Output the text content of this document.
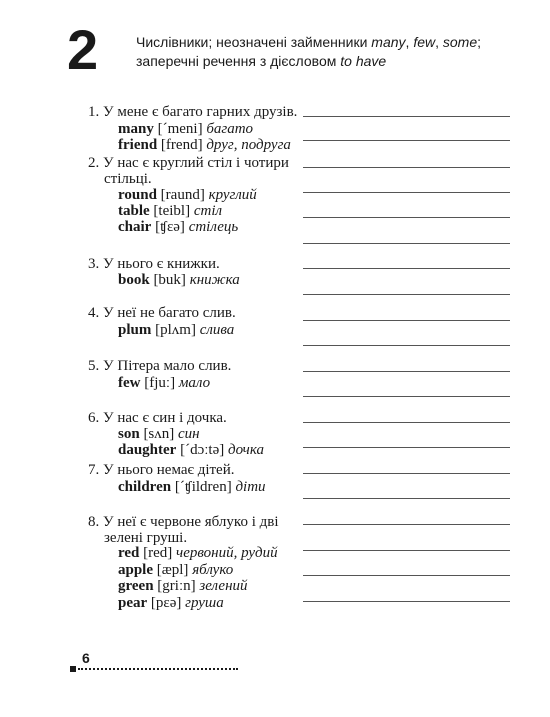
2	Числівники; неозначені займенники many, few, some;
заперечні речення з дієсловом to have
1. У мене є багато гарних друзів.
many [ˊmeni] багато
friend [frend] друг, подруга
2. У нас є круглий стіл і чотири
стільці.
round [raund] круглий
table [teibl] стіл
chair [ʧɛə] стілець
3. У нього є книжки.
book [buk] книжка
4. У неї не багато слив.
plum [plʌm] слива
5. У Пітера мало слив.
few [fjuː] мало
6. У нас є син і дочка.
son [sʌn] син
daughter [ˊdɔːtə] дочка
7. У нього немає дітей.
children [ˊʧildren] діти
8. У неї є червоне яблуко і дві
зелені груші.
red [red] червоний, рудий
apple [æpl] яблуко
green [griːn] зелений
pear [pɛə] груша
6
